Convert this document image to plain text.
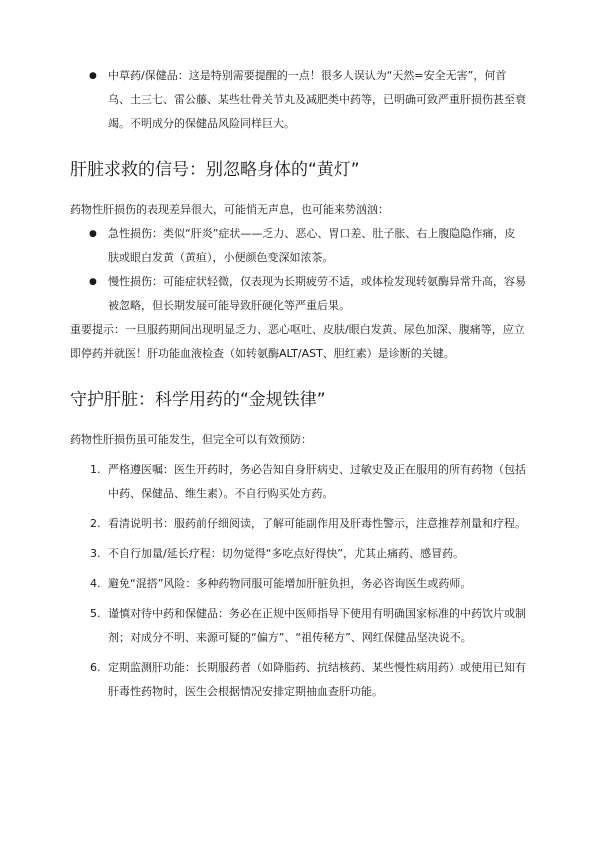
● 中草药/保健品：这是特别需要提醒的一点！很多人误认为“天然=安全无害”，何首乌、土三七、雷公藤、某些壮骨关节丸及减肥类中药等，已明确可致严重肝损伤甚至衰竭。不明成分的保健品风险同样巨大。
肝脏求救的信号：别忽略身体的“黄灯”

药物性肝损伤的表现差异很大，可能悄无声息，也可能来势汹汹：

● 急性损伤：类似“肝炎”症状——乏力、恶心、胃口差、肚子胀、右上腹隐隐作痛，皮肤或眼白发黄（黄疸），小便颜色变深如浓茶。
● 慢性损伤：可能症状轻微，仅表现为长期疲劳不适，或体检发现转氨酶异常升高，容易被忽略，但长期发展可能导致肝硬化等严重后果。

重要提示：一旦服药期间出现明显乏力、恶心呕吐、皮肤/眼白发黄、尿色加深、腹痛等，应立即停药并就医！肝功能血液检查（如转氨酶ALT/AST、胆红素）是诊断的关键。

守护肝脏：科学用药的“金规铁律”

药物性肝损伤虽可能发生，但完全可以有效预防：

1. 严格遵医嘱：医生开药时，务必告知自身肝病史、过敏史及正在服用的所有药物（包括中药、保健品、维生素）。不自行购买处方药。
2. 看清说明书：服药前仔细阅读，了解可能副作用及肝毒性警示，注意推荐剂量和疗程。
3. 不自行加量/延长疗程：切勿觉得“多吃点好得快”，尤其止痛药、感冒药。
4. 避免“混搭”风险：多种药物同服可能增加肝脏负担，务必咨询医生或药师。
5. 谨慎对待中药和保健品：务必在正规中医师指导下使用有明确国家标准的中药饮片或制剂；对成分不明、来源可疑的“偏方”、“祖传秘方”、网红保健品坚决说不。
6. 定期监测肝功能：长期服药者（如降脂药、抗结核药、某些慢性病用药）或使用已知有肝毒性药物时，医生会根据情况安排定期抽血查肝功能。
